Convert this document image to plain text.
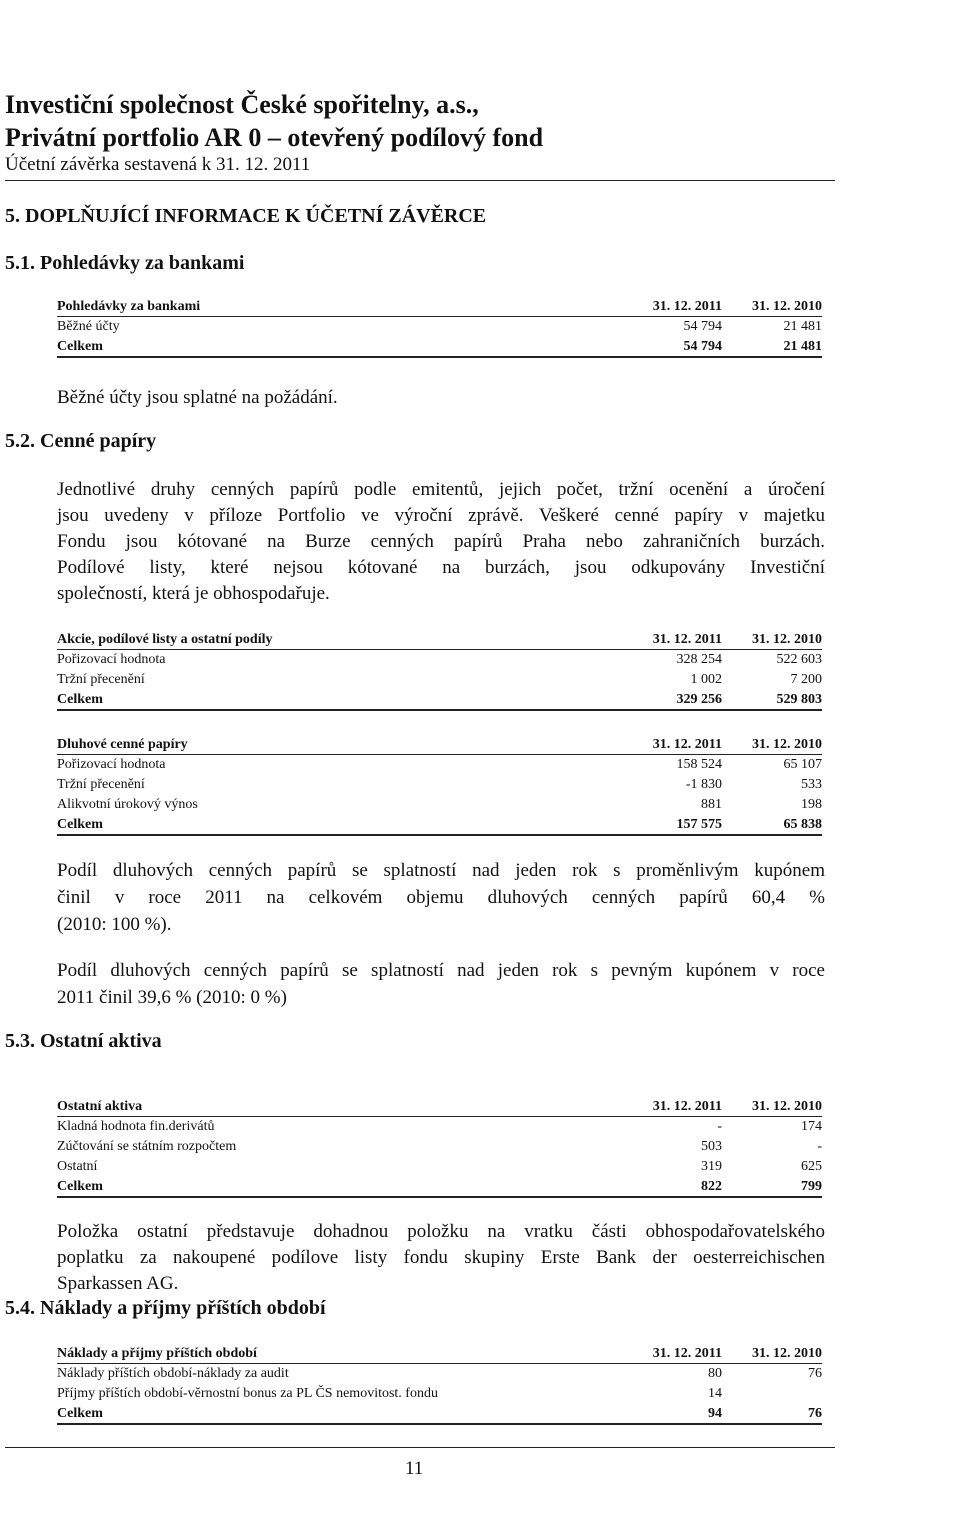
Investiční společnost České spořitelny, a.s.,
Privátní portfolio AR 0 – otevřený podílový fond
Účetní závěrka sestavená k 31. 12. 2011
5. DOPLŇUJÍCÍ INFORMACE K ÚČETNÍ ZÁVĚRCE
5.1. Pohledávky za bankami
Pohledávky za bankami	31. 12. 2011	31. 12. 2010
Běžné účty	54 794	21 481
Celkem	54 794	21 481
Běžné účty jsou splatné na požádání.
5.2. Cenné papíry
Jednotlivé druhy cenných papírů podle emitentů, jejich počet, tržní ocenění a úročení
jsou uvedeny v příloze Portfolio ve výroční zprávě. Veškeré cenné papíry v majetku
Fondu jsou kótované na Burze cenných papírů Praha nebo zahraničních burzách.
Podílové listy, které nejsou kótované na burzách, jsou odkupovány Investiční
společností, která je obhospodařuje.
Akcie, podílové listy a ostatní podíly	31. 12. 2011	31. 12. 2010
Pořizovací hodnota	328 254	522 603
Tržní přecenění	1 002	7 200
Celkem	329 256	529 803
Dluhové cenné papíry	31. 12. 2011	31. 12. 2010
Pořizovací hodnota	158 524	65 107
Tržní přecenění	-1 830	533
Alikvotní úrokový výnos	881	198
Celkem	157 575	65 838
Podíl dluhových cenných papírů se splatností nad jeden rok s proměnlivým kupónem
činil v roce 2011 na celkovém objemu dluhových cenných papírů 60,4 %
(2010: 100 %).
Podíl dluhových cenných papírů se splatností nad jeden rok s pevným kupónem v roce
2011 činil 39,6 % (2010: 0 %)
5.3. Ostatní aktiva
Ostatní aktiva	31. 12. 2011	31. 12. 2010
Kladná hodnota fin.derivátů	-	174
Zúčtování se státním rozpočtem	503	-
Ostatní	319	625
Celkem	822	799
Položka ostatní představuje dohadnou položku na vratku části obhospodařovatelského
poplatku za nakoupené podílove listy fondu skupiny Erste Bank der oesterreichischen
Sparkassen AG.
5.4. Náklady a příjmy příštích období
Náklady a příjmy příštích období	31. 12. 2011	31. 12. 2010
Náklady příštích období-náklady za audit	80	76
Příjmy příštích období-věrnostní bonus za PL ČS nemovitost. fondu	14	
Celkem	94	76
11
